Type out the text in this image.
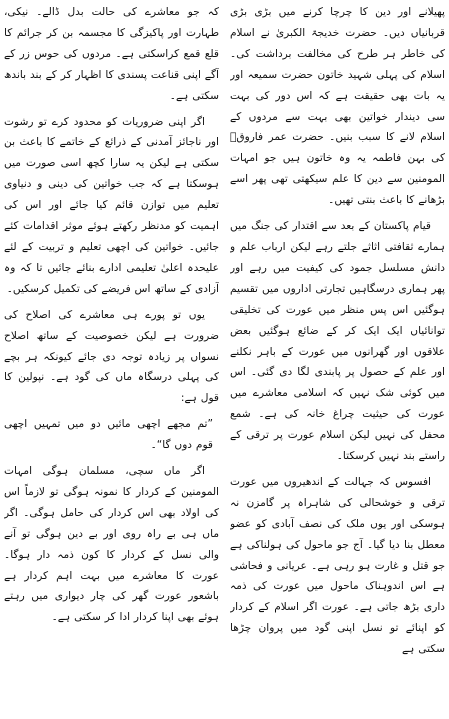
پھیلانے اور دین کا چرچا کرنے میں بڑی بڑی قربانیاں دیں۔ حضرت خدیجۃ الکبریٰ نے اسلام کی خاطر ہر طرح کی مخالفت برداشت کی۔ اسلام کی پہلی شہید خاتون حضرت سمیعہ اور یہ بات بھی حقیقت ہے کہ اس دور کی بہت سی دیندار خواتین بھی بہت سے مردوں کے اسلام لانے کا سبب بنیں۔ حضرت عمر فاروقؓ کی بہن فاطمہ یہ وہ خاتون ہیں جو امہات المومنین سے دین کا علم سیکھتی تھی پھر اسے بڑھانے کا باعث بنتی تھیں۔

قیام پاکستان کے بعد سے اقتدار کی جنگ میں ہمارے ثقافتی اثاثے جلتے رہے لیکن ارباب علم و دانش مسلسل جمود کی کیفیت میں رہے اور پھر ہماری درسگاہیں تجارتی اداروں میں تقسیم ہوگئیں اس پس منظر میں عورت کی تخلیقی توانائیاں ایک ایک کر کے ضائع ہوگئیں بعض علاقوں اور گھرانوں میں عورت کے باہر نکلنے اور علم کے حصول پر پابندی لگا دی گئی۔ اس میں کوئی شک نہیں کہ اسلامی معاشرے میں عورت کی حیثیت چراغ خانہ کی ہے۔ شمع محفل کی نہیں لیکن اسلام عورت پر ترقی کے راستے بند نہیں کرسکتا۔

افسوس کہ جہالت کے اندھیروں میں عورت ترقی و خوشحالی کی شاہراہ پر گامزن نہ ہوسکی اور یوں ملک کی نصف آبادی کو عضو معطل بنا دیا گیا۔ آج جو ماحول کی ہولناکی ہے جو قتل و غارت ہو رہی ہے۔ عریانی و فحاشی ہے اس اندوہناک ماحول میں عورت کی ذمہ داری بڑھ جاتی ہے۔ عورت اگر اسلام کے کردار کو اپنائے تو نسل اپنی گود میں پروان چڑھا سکتی ہے

کہ جو معاشرے کی حالت بدل ڈالے۔ نیکی، طہارت اور پاکیزگی کا مجسمہ بن کر جرائم کا قلع قمع کراسکتی ہے۔ مردوں کی حوس زر کے آگے اپنی قناعت پسندی کا اظہار کر کے بند باندھ سکتی ہے۔

اگر اپنی ضروریات کو محدود کرے تو رشوت اور ناجائز آمدنی کے ذرائع کے خاتمے کا باعث بن سکتی ہے لیکن یہ سارا کچھ اسی صورت میں ہوسکتا ہے کہ جب خواتین کی دینی و دنیاوی تعلیم میں توازن قائم کیا جائے اور اس کی اہمیت کو مدنظر رکھتے ہوئے موثر اقدامات کئے جائیں۔ خواتین کی اچھی تعلیم و تربیت کے لئے علیحدہ اعلیٰ تعلیمی ادارے بنائے جائیں تا کہ وہ آزادی کے ساتھ اس فریضے کی تکمیل کرسکیں۔

یوں تو پورے ہی معاشرے کی اصلاح کی ضرورت ہے لیکن خصوصیت کے ساتھ اصلاح نسواں پر زیادہ توجہ دی جائے کیونکہ ہر بچے کی پہلی درسگاہ ماں کی گود ہے۔ نپولین کا قول ہے:

”تم مجھے اچھی مائیں دو میں تمہیں اچھی قوم دوں گا“۔

اگر ماں سچی، مسلمان ہوگی امہات المومنین کے کردار کا نمونہ ہوگی تو لازماً اس کی اولاد بھی اس کردار کی حامل ہوگی۔ اگر ماں ہی بے راہ روی اور بے دین ہوگی تو آنے والی نسل کے کردار کا کون ذمہ دار ہوگا۔ عورت کا معاشرے میں بہت اہم کردار ہے باشعور عورت گھر کی چار دیواری میں رہتے ہوئے بھی اپنا کردار ادا کر سکتی ہے۔
